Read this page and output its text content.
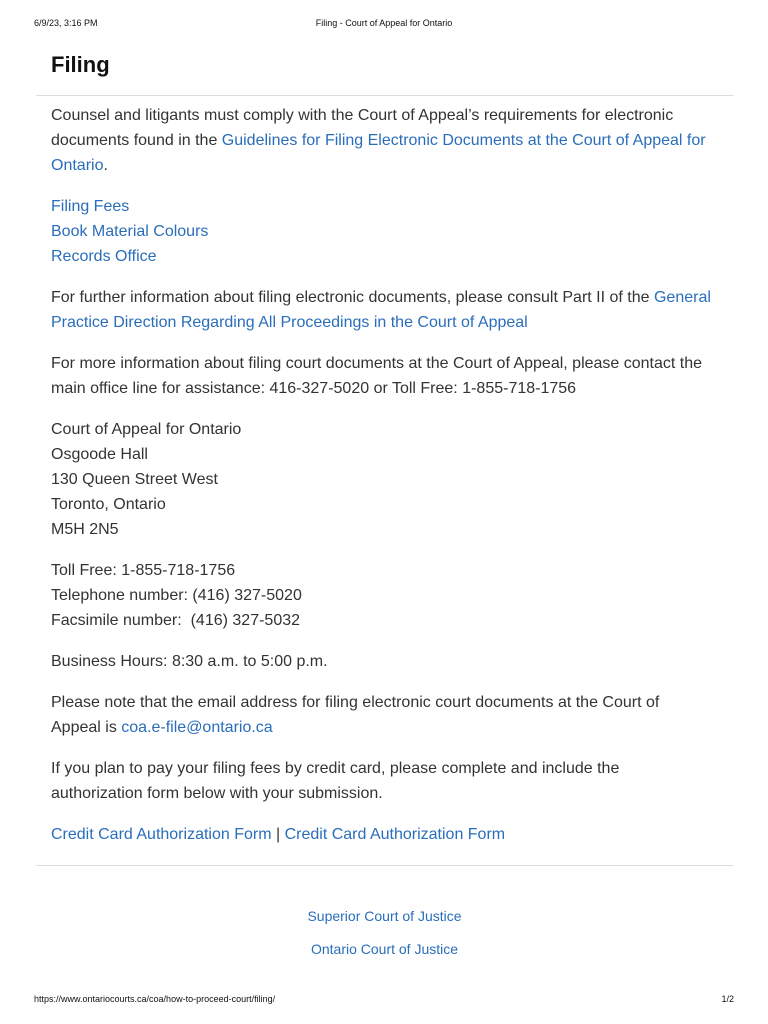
6/9/23, 3:16 PM	Filing - Court of Appeal for Ontario
Filing

Counsel and litigants must comply with the Court of Appeal’s requirements for electronic documents found in the Guidelines for Filing Electronic Documents at the Court of Appeal for Ontario.

Filing Fees
Book Material Colours
Records Office

For further information about filing electronic documents, please consult Part II of the General Practice Direction Regarding All Proceedings in the Court of Appeal

For more information about filing court documents at the Court of Appeal, please contact the main office line for assistance: 416-327-5020 or Toll Free: 1-855-718-1756

Court of Appeal for Ontario
Osgoode Hall
130 Queen Street West
Toronto, Ontario
M5H 2N5

Toll Free: 1-855-718-1756
Telephone number: (416) 327-5020
Facsimile number:  (416) 327-5032

Business Hours: 8:30 a.m. to 5:00 p.m.

Please note that the email address for filing electronic court documents at the Court of Appeal is coa.e-file@ontario.ca

If you plan to pay your filing fees by credit card, please complete and include the authorization form below with your submission.

Credit Card Authorization Form | Credit Card Authorization Form

Superior Court of Justice
Ontario Court of Justice
https://www.ontariocourts.ca/coa/how-to-proceed-court/filing/	1/2
